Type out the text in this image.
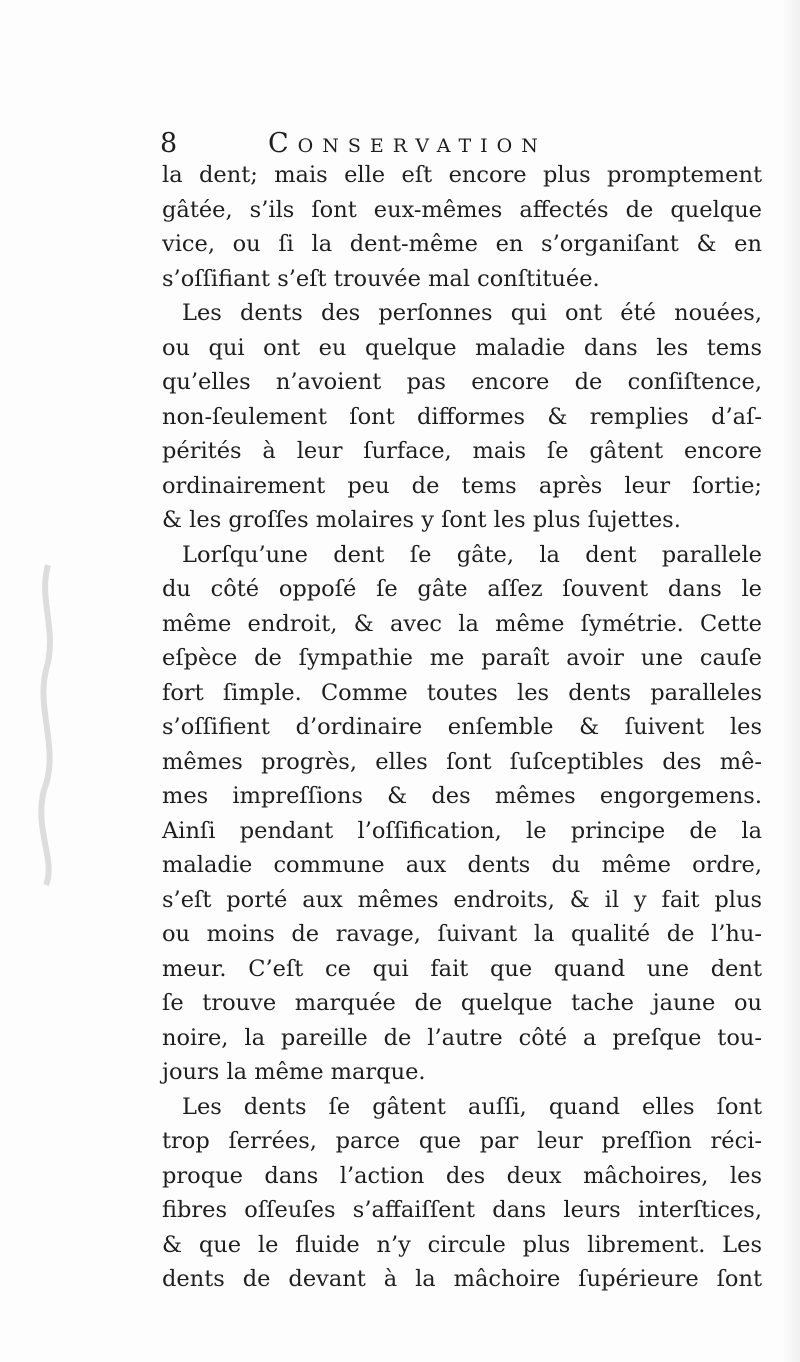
8	Conservation
la dent; mais elle eſt encore plus promptement
gâtée, s’ils ſont eux-mêmes affectés de quelque
vice, ou ſi la dent-même en s’organiſant & en
s’oſſifiant s’eſt trouvée mal conſtituée.
Les dents des perſonnes qui ont été nouées,
ou qui ont eu quelque maladie dans les tems
qu’elles n’avoient pas encore de conſiſtence,
non-ſeulement ſont difformes & remplies d’aſ-
pérités à leur ſurface, mais ſe gâtent encore
ordinairement peu de tems après leur ſortie;
& les groſſes molaires y ſont les plus ſujettes.
Lorſqu’une dent ſe gâte, la dent parallele
du côté oppoſé ſe gâte aſſez ſouvent dans le
même endroit, & avec la même ſymétrie. Cette
eſpèce de ſympathie me paraît avoir une cauſe
fort ſimple. Comme toutes les dents paralleles
s’oſſifient d’ordinaire enſemble & ſuivent les
mêmes progrès, elles ſont ſuſceptibles des mê-
mes impreſſions & des mêmes engorgemens.
Ainſi pendant l’oſſification, le principe de la
maladie commune aux dents du même ordre,
s’eſt porté aux mêmes endroits, & il y fait plus
ou moins de ravage, ſuivant la qualité de l’hu-
meur. C’eſt ce qui fait que quand une dent
ſe trouve marquée de quelque tache jaune ou
noire, la pareille de l’autre côté a preſque tou-
jours la même marque.
Les dents ſe gâtent auſſi, quand elles ſont
trop ſerrées, parce que par leur preſſion réci-
proque dans l’action des deux mâchoires, les
fibres oſſeuſes s’affaiſſent dans leurs interſtices,
& que le fluide n’y circule plus librement. Les
dents de devant à la mâchoire ſupérieure ſont
